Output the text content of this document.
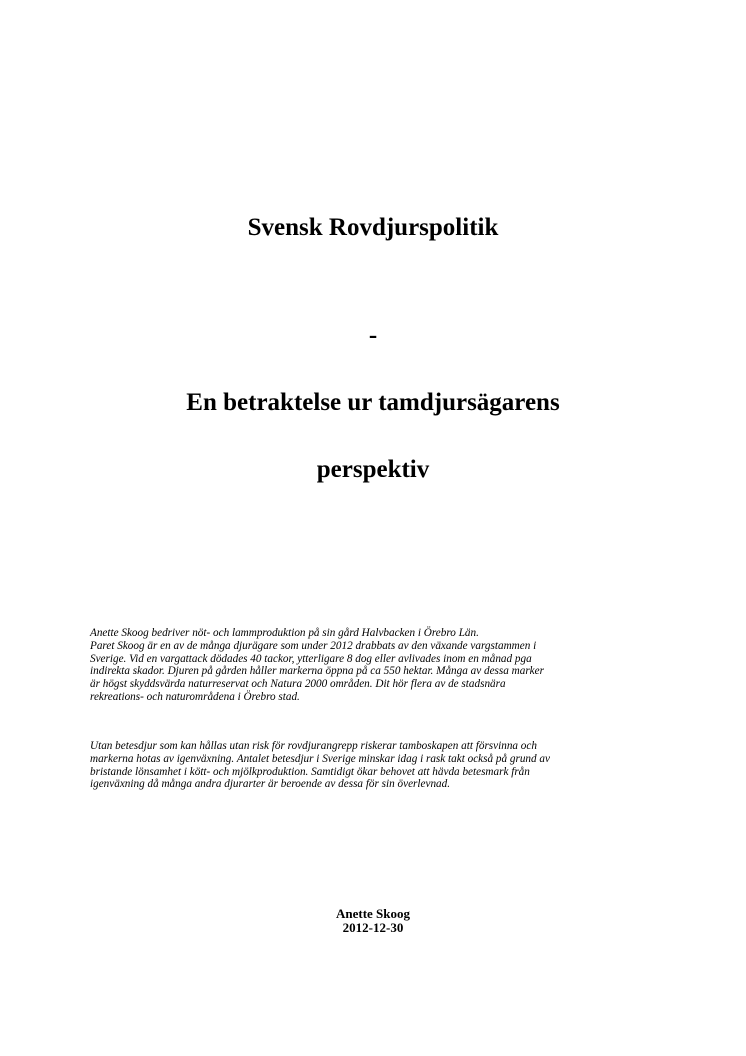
Svensk Rovdjurspolitik
-
En betraktelse ur tamdjursägarens
perspektiv

Anette Skoog bedriver nöt- och lammproduktion på sin gård Halvbacken i Örebro Län.
Paret Skoog är en av de många djurägare som under 2012 drabbats av den växande vargstammen i
Sverige. Vid en vargattack dödades 40 tackor, ytterligare 8 dog eller avlivades inom en månad pga
indirekta skador. Djuren på gården håller markerna öppna på ca 550 hektar. Många av dessa marker
är högst skyddsvärda naturreservat och Natura 2000 områden. Dit hör flera av de stadsnära
rekreations- och naturområdena i Örebro stad.

Utan betesdjur som kan hållas utan risk för rovdjurangrepp riskerar tamboskapen att försvinna och
markerna hotas av igenväxning. Antalet betesdjur i Sverige minskar idag i rask takt också på grund av
bristande lönsamhet i kött- och mjölkproduktion. Samtidigt ökar behovet att hävda betesmark från
igenväxning då många andra djurarter är beroende av dessa för sin överlevnad.

Anette Skoog
2012-12-30
